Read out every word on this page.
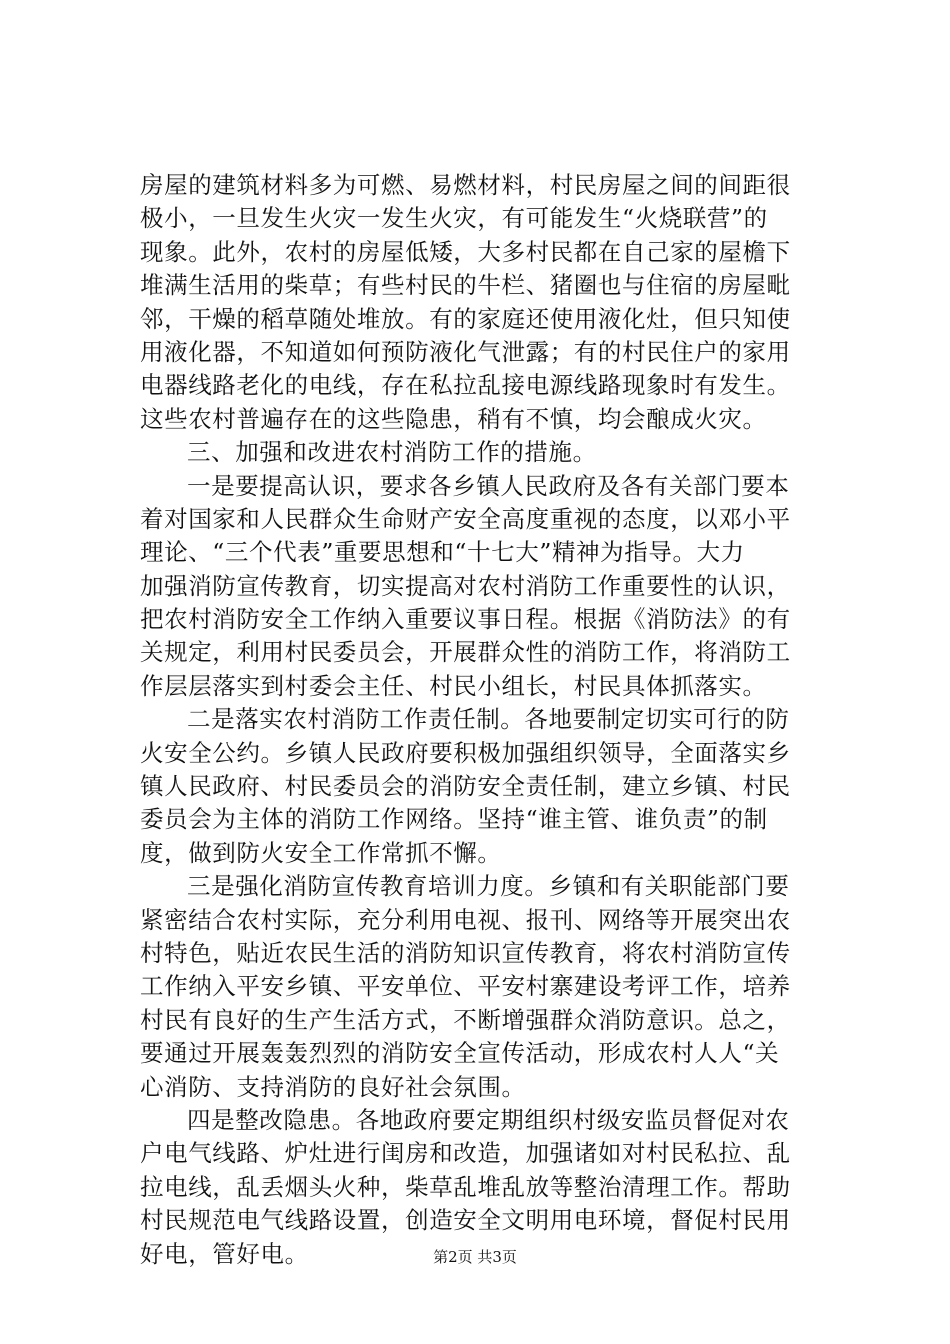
房屋的建筑材料多为可燃、易燃材料，村民房屋之间的间距很
极小，一旦发生火灾一发生火灾，有可能发生“火烧联营”的
现象。此外，农村的房屋低矮，大多村民都在自己家的屋檐下
堆满生活用的柴草；有些村民的牛栏、猪圈也与住宿的房屋毗
邻，干燥的稻草随处堆放。有的家庭还使用液化灶，但只知使
用液化器，不知道如何预防液化气泄露；有的村民住户的家用
电器线路老化的电线，存在私拉乱接电源线路现象时有发生。
这些农村普遍存在的这些隐患，稍有不慎，均会酿成火灾。
三、加强和改进农村消防工作的措施。
一是要提高认识，要求各乡镇人民政府及各有关部门要本
着对国家和人民群众生命财产安全高度重视的态度，以邓小平
理论、“三个代表”重要思想和“十七大”精神为指导。大力
加强消防宣传教育，切实提高对农村消防工作重要性的认识，
把农村消防安全工作纳入重要议事日程。根据《消防法》的有
关规定，利用村民委员会，开展群众性的消防工作，将消防工
作层层落实到村委会主任、村民小组长，村民具体抓落实。
二是落实农村消防工作责任制。各地要制定切实可行的防
火安全公约。乡镇人民政府要积极加强组织领导，全面落实乡
镇人民政府、村民委员会的消防安全责任制，建立乡镇、村民
委员会为主体的消防工作网络。坚持“谁主管、谁负责”的制
度，做到防火安全工作常抓不懈。
三是强化消防宣传教育培训力度。乡镇和有关职能部门要
紧密结合农村实际，充分利用电视、报刊、网络等开展突出农
村特色，贴近农民生活的消防知识宣传教育，将农村消防宣传
工作纳入平安乡镇、平安单位、平安村寨建设考评工作，培养
村民有良好的生产生活方式，不断增强群众消防意识。总之，
要通过开展轰轰烈烈的消防安全宣传活动，形成农村人人“关
心消防、支持消防的良好社会氛围。
四是整改隐患。各地政府要定期组织村级安监员督促对农
户电气线路、炉灶进行闺房和改造，加强诸如对村民私拉、乱
拉电线，乱丢烟头火种，柴草乱堆乱放等整治清理工作。帮助
村民规范电气线路设置，创造安全文明用电环境，督促村民用
好电，管好电。	第2页 共3页
